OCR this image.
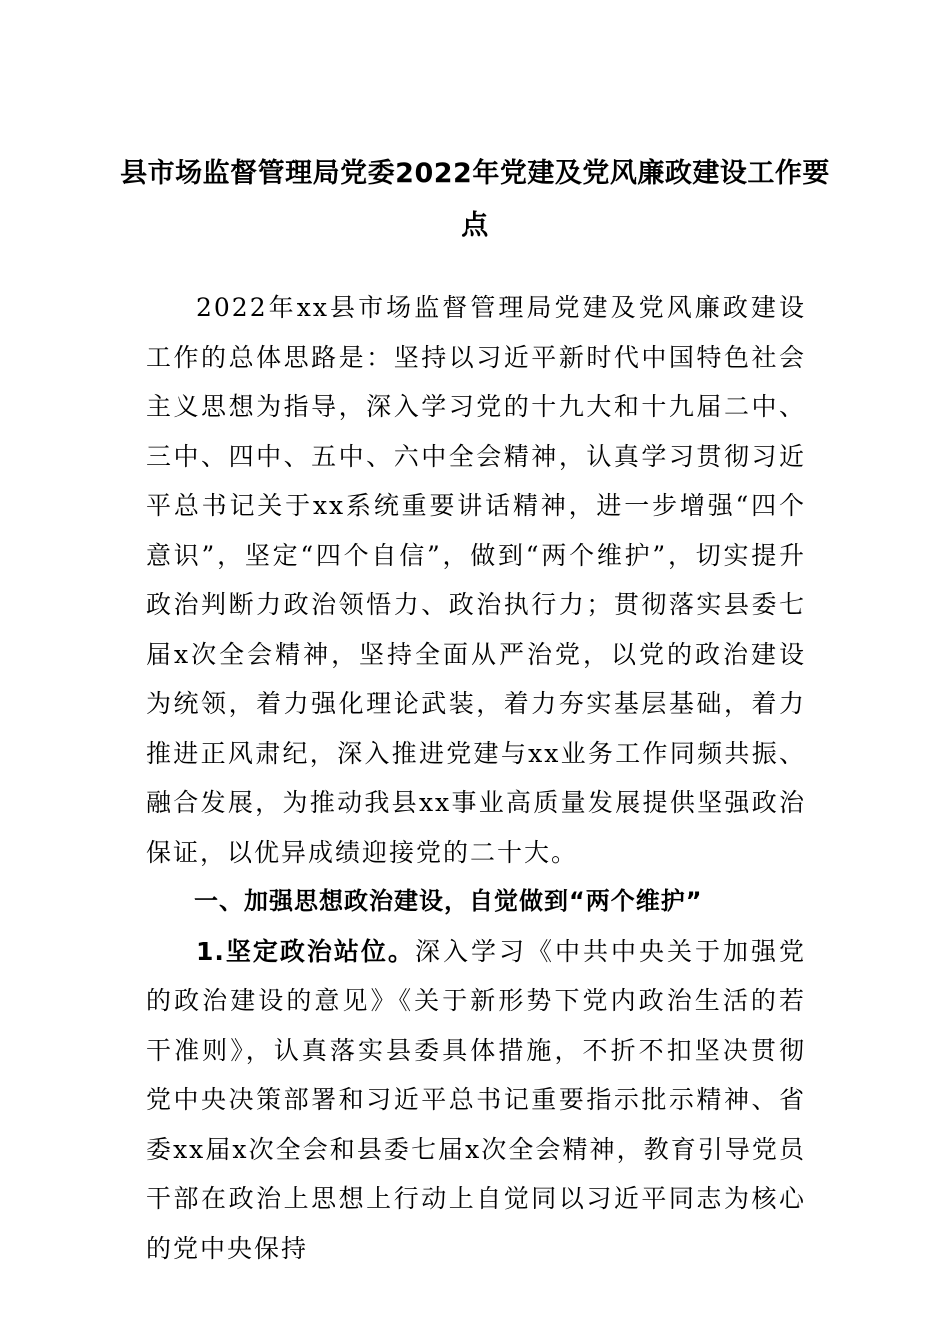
县市场监督管理局党委2022年党建及党风廉政建设工作要点

2022年xx县市场监督管理局党建及党风廉政建设工作的总体思路是：坚持以习近平新时代中国特色社会主义思想为指导，深入学习党的十九大和十九届二中、三中、四中、五中、六中全会精神，认真学习贯彻习近平总书记关于xx系统重要讲话精神，进一步增强“四个意识”，坚定“四个自信”，做到“两个维护”，切实提升政治判断力政治领悟力、政治执行力；贯彻落实县委七届x次全会精神，坚持全面从严治党，以党的政治建设为统领，着力强化理论武装，着力夯实基层基础，着力推进正风肃纪，深入推进党建与xx业务工作同频共振、融合发展，为推动我县xx事业高质量发展提供坚强政治保证，以优异成绩迎接党的二十大。

一、加强思想政治建设，自觉做到“两个维护”

1.坚定政治站位。深入学习《中共中央关于加强党的政治建设的意见》《关于新形势下党内政治生活的若干准则》，认真落实县委具体措施，不折不扣坚决贯彻党中央决策部署和习近平总书记重要指示批示精神、省委xx届x次全会和县委七届x次全会精神，教育引导党员干部在政治上思想上行动上自觉同以习近平同志为核心的党中央保持
